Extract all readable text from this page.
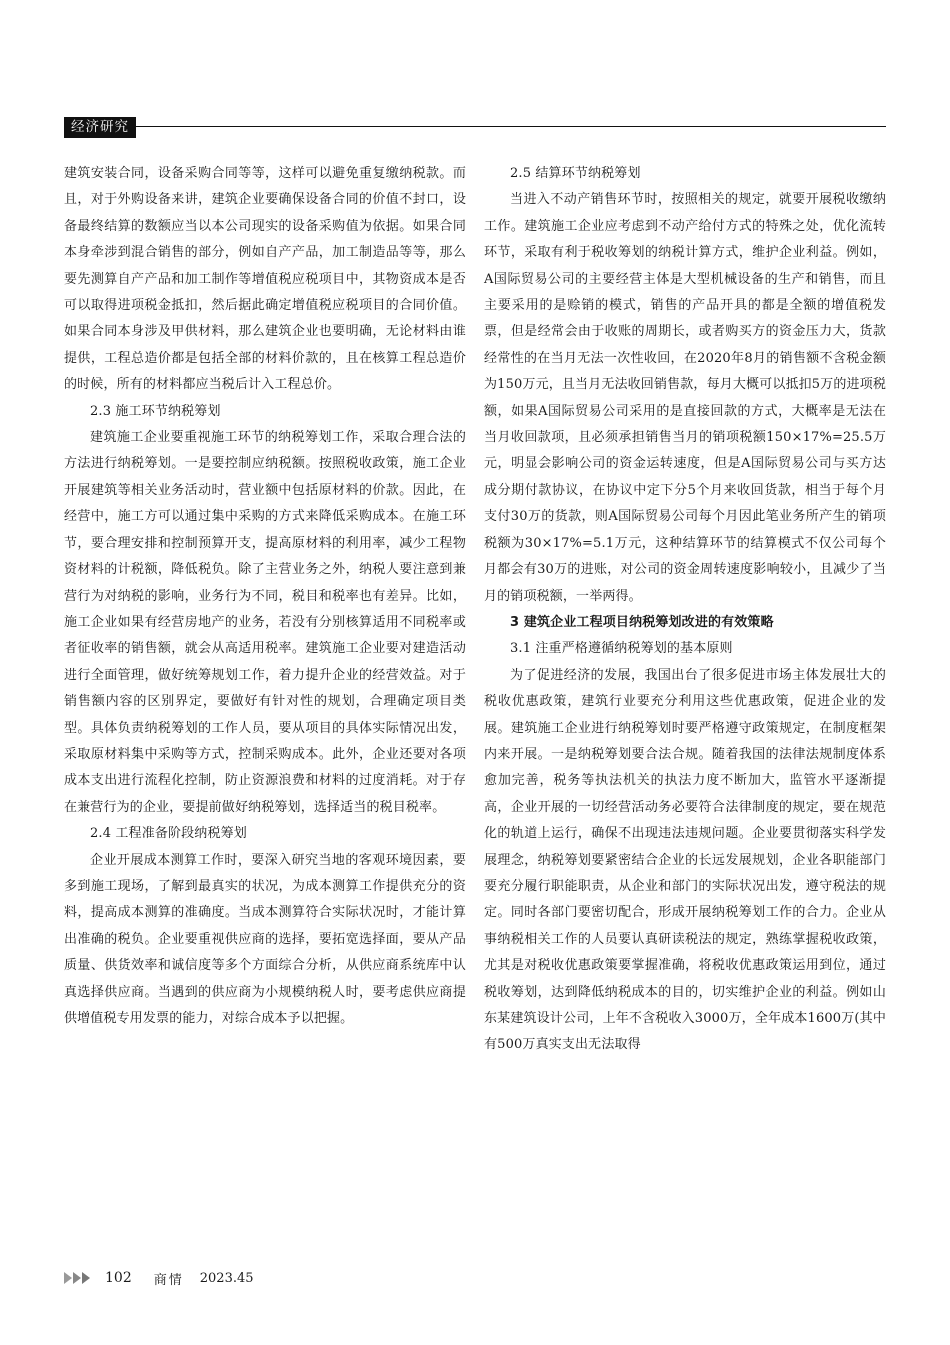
经济研究

建筑安装合同，设备采购合同等等，这样可以避免重复缴纳税款。而且，对于外购设备来讲，建筑企业要确保设备合同的价值不封口，设备最终结算的数额应当以本公司现实的设备采购值为依据。如果合同本身牵涉到混合销售的部分，例如自产产品，加工制造品等等，那么要先测算自产产品和加工制作等增值税应税项目中，其物资成本是否可以取得进项税金抵扣，然后据此确定增值税应税项目的合同价值。如果合同本身涉及甲供材料，那么建筑企业也要明确，无论材料由谁提供，工程总造价都是包括全部的材料价款的，且在核算工程总造价的时候，所有的材料都应当税后计入工程总价。

2.3 施工环节纳税筹划

建筑施工企业要重视施工环节的纳税筹划工作，采取合理合法的方法进行纳税筹划。一是要控制应纳税额。按照税收政策，施工企业开展建筑等相关业务活动时，营业额中包括原材料的价款。因此，在经营中，施工方可以通过集中采购的方式来降低采购成本。在施工环节，要合理安排和控制预算开支，提高原材料的利用率，减少工程物资材料的计税额，降低税负。除了主营业务之外，纳税人要注意到兼营行为对纳税的影响，业务行为不同，税目和税率也有差异。比如，施工企业如果有经营房地产的业务，若没有分别核算适用不同税率或者征收率的销售额，就会从高适用税率。建筑施工企业要对建造活动进行全面管理，做好统筹规划工作，着力提升企业的经营效益。对于销售额内容的区别界定，要做好有针对性的规划，合理确定项目类型。具体负责纳税筹划的工作人员，要从项目的具体实际情况出发，采取原材料集中采购等方式，控制采购成本。此外，企业还要对各项成本支出进行流程化控制，防止资源浪费和材料的过度消耗。对于存在兼营行为的企业，要提前做好纳税筹划，选择适当的税目税率。

2.4 工程准备阶段纳税筹划

企业开展成本测算工作时，要深入研究当地的客观环境因素，要多到施工现场，了解到最真实的状况，为成本测算工作提供充分的资料，提高成本测算的准确度。当成本测算符合实际状况时，才能计算出准确的税负。企业要重视供应商的选择，要拓宽选择面，要从产品质量、供货效率和诚信度等多个方面综合分析，从供应商系统库中认真选择供应商。当遇到的供应商为小规模纳税人时，要考虑供应商提供增值税专用发票的能力，对综合成本予以把握。

2.5 结算环节纳税筹划

当进入不动产销售环节时，按照相关的规定，就要开展税收缴纳工作。建筑施工企业应考虑到不动产给付方式的特殊之处，优化流转环节，采取有利于税收筹划的纳税计算方式，维护企业利益。例如，A国际贸易公司的主要经营主体是大型机械设备的生产和销售，而且主要采用的是赊销的模式，销售的产品开具的都是全额的增值税发票，但是经常会由于收账的周期长，或者购买方的资金压力大，货款经常性的在当月无法一次性收回，在2020年8月的销售额不含税金额为150万元，且当月无法收回销售款，每月大概可以抵扣5万的进项税额，如果A国际贸易公司采用的是直接回款的方式，大概率是无法在当月收回款项，且必须承担销售当月的销项税额150×17%=25.5万元，明显会影响公司的资金运转速度，但是A国际贸易公司与买方达成分期付款协议，在协议中定下分5个月来收回货款，相当于每个月支付30万的货款，则A国际贸易公司每个月因此笔业务所产生的销项税额为30×17%=5.1万元，这种结算环节的结算模式不仅公司每个月都会有30万的进账，对公司的资金周转速度影响较小，且减少了当月的销项税额，一举两得。

3 建筑企业工程项目纳税筹划改进的有效策略
3.1 注重严格遵循纳税筹划的基本原则

为了促进经济的发展，我国出台了很多促进市场主体发展壮大的税收优惠政策，建筑行业要充分利用这些优惠政策，促进企业的发展。建筑施工企业进行纳税筹划时要严格遵守政策规定，在制度框架内来开展。一是纳税筹划要合法合规。随着我国的法律法规制度体系愈加完善，税务等执法机关的执法力度不断加大，监管水平逐渐提高，企业开展的一切经营活动务必要符合法律制度的规定，要在规范化的轨道上运行，确保不出现违法违规问题。企业要贯彻落实科学发展理念，纳税筹划要紧密结合企业的长远发展规划，企业各职能部门要充分履行职能职责，从企业和部门的实际状况出发，遵守税法的规定。同时各部门要密切配合，形成开展纳税筹划工作的合力。企业从事纳税相关工作的人员要认真研读税法的规定，熟练掌握税收政策，尤其是对税收优惠政策要掌握准确，将税收优惠政策运用到位，通过税收筹划，达到降低纳税成本的目的，切实维护企业的利益。例如山东某建筑设计公司，上年不含税收入3000万，全年成本1600万(其中有500万真实支出无法取得

102 商情 2023.45
